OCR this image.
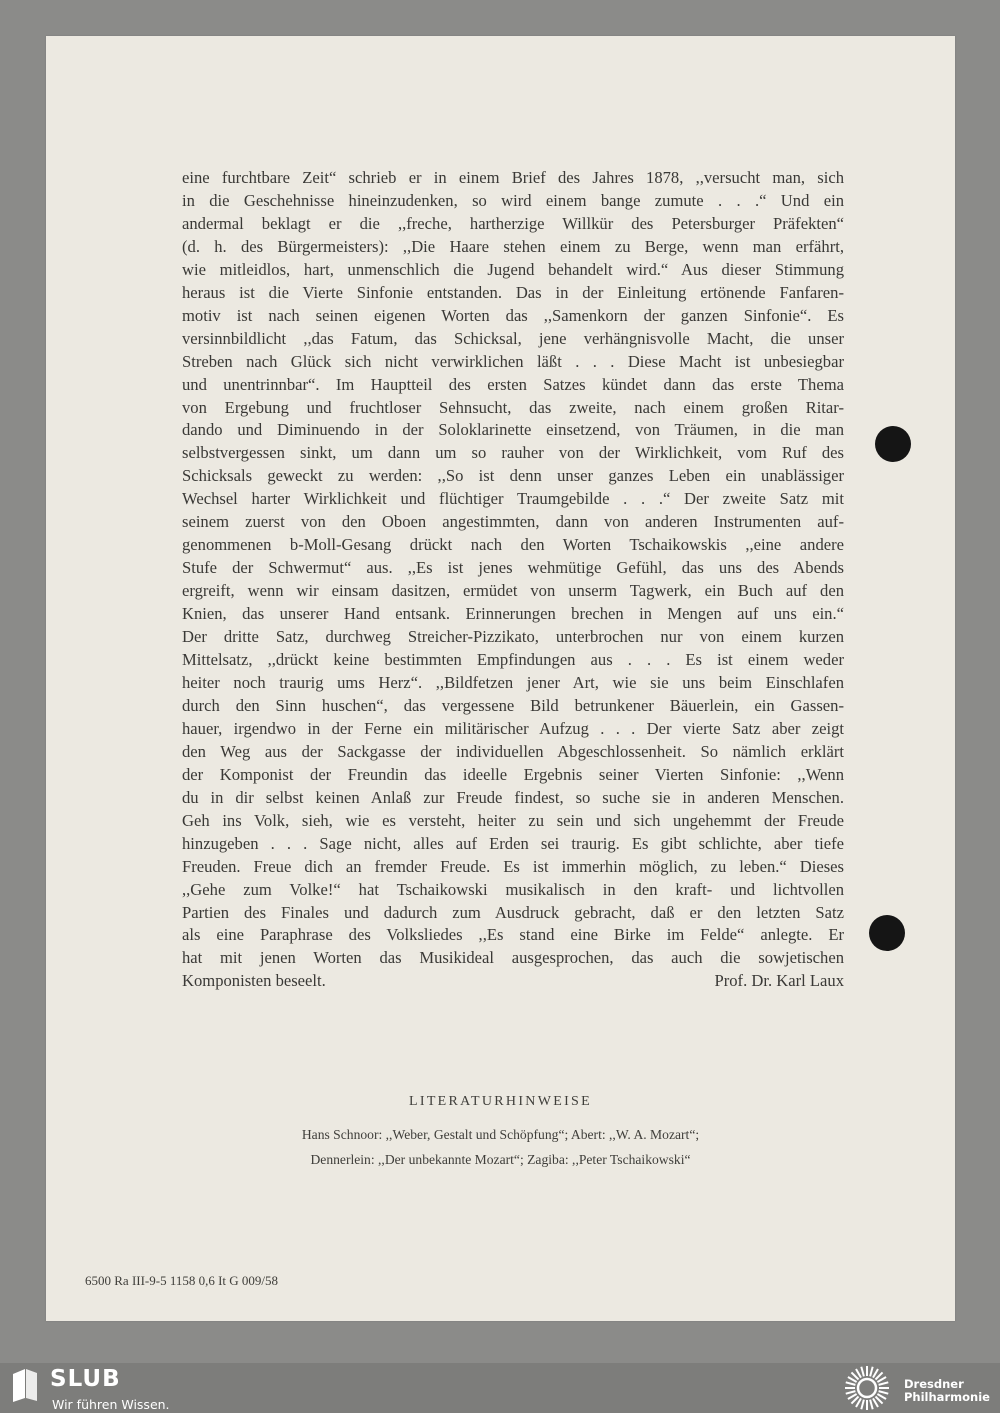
eine furchtbare Zeit“ schrieb er in einem Brief des Jahres 1878, ,,versucht man, sich
in die Geschehnisse hineinzudenken, so wird einem bange zumute . . .“ Und ein
andermal beklagt er die ,,freche, hartherzige Willkür des Petersburger Präfekten“
(d. h. des Bürgermeisters): ,,Die Haare stehen einem zu Berge, wenn man erfährt,
wie mitleidlos, hart, unmenschlich die Jugend behandelt wird.“ Aus dieser Stimmung
heraus ist die Vierte Sinfonie entstanden. Das in der Einleitung ertönende Fanfaren-
motiv ist nach seinen eigenen Worten das ,,Samenkorn der ganzen Sinfonie“. Es
versinnbildlicht ,,das Fatum, das Schicksal, jene verhängnisvolle Macht, die unser
Streben nach Glück sich nicht verwirklichen läßt . . . Diese Macht ist unbesiegbar
und unentrinnbar“. Im Hauptteil des ersten Satzes kündet dann das erste Thema
von Ergebung und fruchtloser Sehnsucht, das zweite, nach einem großen Ritar-
dando und Diminuendo in der Soloklarinette einsetzend, von Träumen, in die man
selbstvergessen sinkt, um dann um so rauher von der Wirklichkeit, vom Ruf des
Schicksals geweckt zu werden: ,,So ist denn unser ganzes Leben ein unablässiger
Wechsel harter Wirklichkeit und flüchtiger Traumgebilde . . .“ Der zweite Satz mit
seinem zuerst von den Oboen angestimmten, dann von anderen Instrumenten auf-
genommenen b-Moll-Gesang drückt nach den Worten Tschaikowskis ,,eine andere
Stufe der Schwermut“ aus. ,,Es ist jenes wehmütige Gefühl, das uns des Abends
ergreift, wenn wir einsam dasitzen, ermüdet von unserm Tagwerk, ein Buch auf den
Knien, das unserer Hand entsank. Erinnerungen brechen in Mengen auf uns ein.“
Der dritte Satz, durchweg Streicher-Pizzikato, unterbrochen nur von einem kurzen
Mittelsatz, ,,drückt keine bestimmten Empfindungen aus . . . Es ist einem weder
heiter noch traurig ums Herz“. ,,Bildfetzen jener Art, wie sie uns beim Einschlafen
durch den Sinn huschen“, das vergessene Bild betrunkener Bäuerlein, ein Gassen-
hauer, irgendwo in der Ferne ein militärischer Aufzug . . . Der vierte Satz aber zeigt
den Weg aus der Sackgasse der individuellen Abgeschlossenheit. So nämlich erklärt
der Komponist der Freundin das ideelle Ergebnis seiner Vierten Sinfonie: ,,Wenn
du in dir selbst keinen Anlaß zur Freude findest, so suche sie in anderen Menschen.
Geh ins Volk, sieh, wie es versteht, heiter zu sein und sich ungehemmt der Freude
hinzugeben . . . Sage nicht, alles auf Erden sei traurig. Es gibt schlichte, aber tiefe
Freuden. Freue dich an fremder Freude. Es ist immerhin möglich, zu leben.“ Dieses
,,Gehe zum Volke!“ hat Tschaikowski musikalisch in den kraft- und lichtvollen
Partien des Finales und dadurch zum Ausdruck gebracht, daß er den letzten Satz
als eine Paraphrase des Volksliedes ,,Es stand eine Birke im Felde“ anlegte. Er
hat mit jenen Worten das Musikideal ausgesprochen, das auch die sowjetischen
Komponisten beseelt.	Prof. Dr. Karl Laux
LITERATURHINWEISE
Hans Schnoor: ,,Weber, Gestalt und Schöpfung“; Abert: ,,W. A. Mozart“;
Dennerlein: ,,Der unbekannte Mozart“; Zagiba: ,,Peter Tschaikowski“
6500 Ra III-9-5 1158 0,6 It G 009/58
SLUB
Wir führen Wissen.
Dresdner
Philharmonie
